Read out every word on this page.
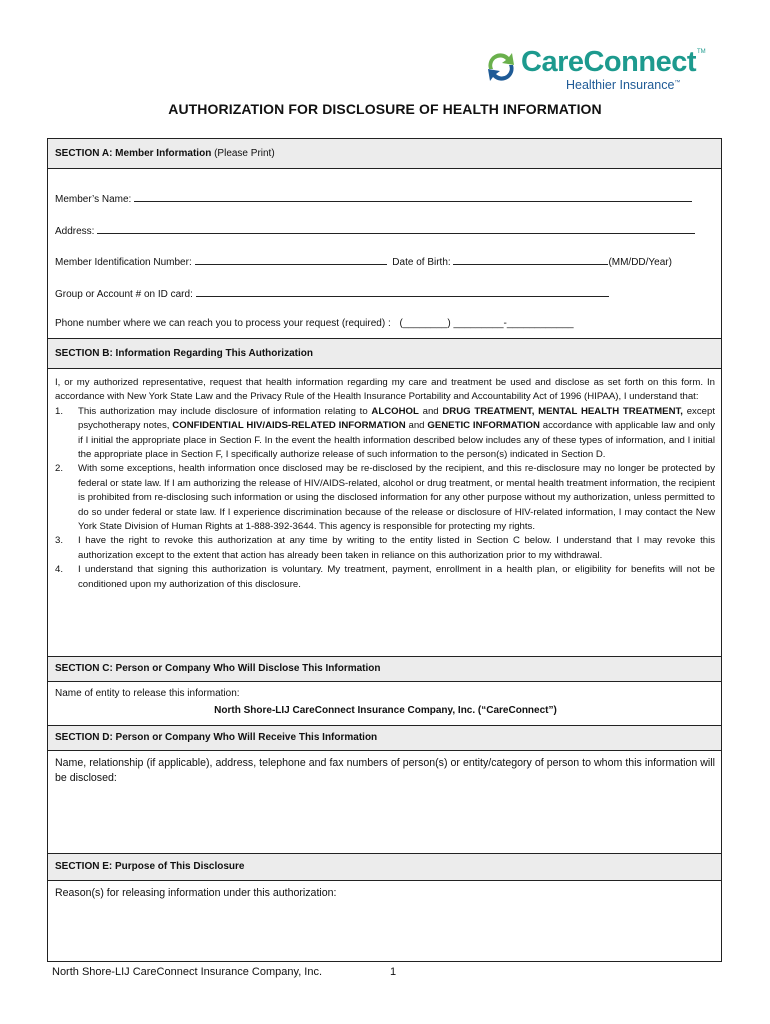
CareConnect TM
Healthier Insurance™
AUTHORIZATION FOR DISCLOSURE OF HEALTH INFORMATION
SECTION A: Member Information (Please Print)
Member’s Name:
Address:
Member Identification Number:	Date of Birth:	(MM/DD/Year)
Group or Account # on ID card:
Phone number where we can reach you to process your request (required) : (________) _________-____________
SECTION B: Information Regarding This Authorization

I, or my authorized representative, request that health information regarding my care and treatment be used and disclose as set forth on this form. In accordance with New York State Law and the Privacy Rule of the Health Insurance Portability and Accountability Act of 1996 (HIPAA), I understand that:

1. This authorization may include disclosure of information relating to ALCOHOL and DRUG TREATMENT, MENTAL HEALTH TREATMENT, except psychotherapy notes, CONFIDENTIAL HIV/AIDS-RELATED INFORMATION and GENETIC INFORMATION accordance with applicable law and only if I initial the appropriate place in Section F. In the event the health information described below includes any of these types of information, and I initial the appropriate place in Section F, I specifically authorize release of such information to the person(s) indicated in Section D.
2. With some exceptions, health information once disclosed may be re-disclosed by the recipient, and this re-disclosure may no longer be protected by federal or state law. If I am authorizing the release of HIV/AIDS-related, alcohol or drug treatment, or mental health treatment information, the recipient is prohibited from re-disclosing such information or using the disclosed information for any other purpose without my authorization, unless permitted to do so under federal or state law. If I experience discrimination because of the release or disclosure of HIV-related information, I may contact the New York State Division of Human Rights at 1-888-392-3644. This agency is responsible for protecting my rights.
3. I have the right to revoke this authorization at any time by writing to the entity listed in Section C below. I understand that I may revoke this authorization except to the extent that action has already been taken in reliance on this authorization prior to my withdrawal.
4. I understand that signing this authorization is voluntary. My treatment, payment, enrollment in a health plan, or eligibility for benefits will not be conditioned upon my authorization of this disclosure.
SECTION C: Person or Company Who Will Disclose This Information
Name of entity to release this information:
North Shore-LIJ CareConnect Insurance Company, Inc. (“CareConnect”)
SECTION D: Person or Company Who Will Receive This Information
Name, relationship (if applicable), address, telephone and fax numbers of person(s) or entity/category of person to whom this information will be disclosed:
SECTION E: Purpose of This Disclosure
Reason(s) for releasing information under this authorization:
North Shore-LIJ CareConnect Insurance Company, Inc.	1
